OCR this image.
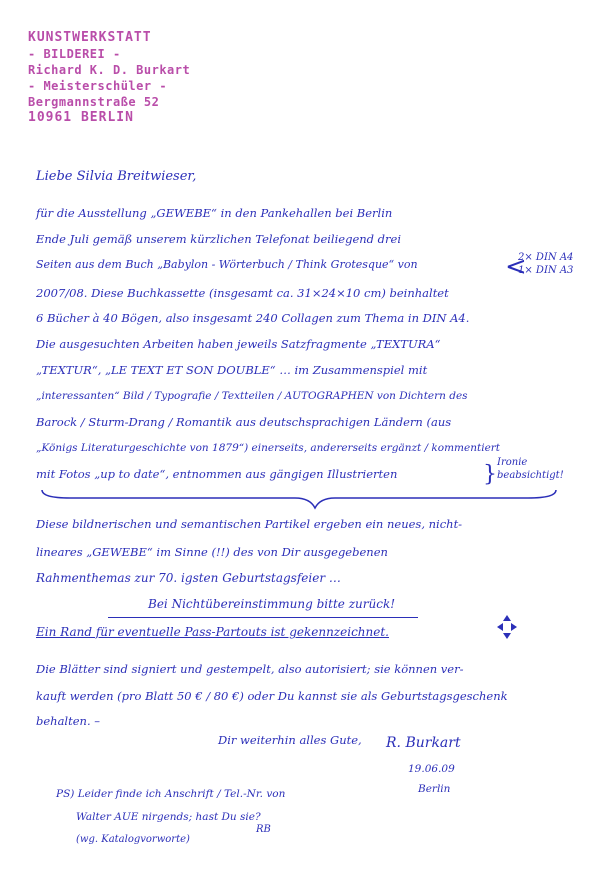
KUNSTWERKSTATT
- BILDEREI -
Richard K. D. Burkart
- Meisterschüler -
Bergmannstraße 52
10961 BERLIN
Liebe Silvia Breitwieser,
für die Ausstellung „GEWEBE“ in den Pankehallen bei Berlin
Ende Juli gemäß unserem kürzlichen Telefonat beiliegend drei
Seiten aus dem Buch „Babylon - Wörterbuch / Think Grotesque“ von	<
2× DIN A4
1× DIN A3
2007/08. Diese Buchkassette (insgesamt ca. 31×24×10 cm) beinhaltet
6 Bücher à 40 Bögen, also insgesamt 240 Collagen zum Thema in DIN A4.
Die ausgesuchten Arbeiten haben jeweils Satzfragmente „TEXTURA“
„TEXTUR“, „LE TEXT ET SON DOUBLE“ … im Zusammenspiel mit
„interessanten“ Bild / Typografie / Textteilen / AUTOGRAPHEN von Dichtern des
Barock / Sturm-Drang / Romantik aus deutschsprachigen Ländern (aus
„Königs Literaturgeschichte von 1879“) einerseits, andererseits ergänzt / kommentiert
mit Fotos „up to date“, entnommen aus gängigen Illustrierten	} Ironie
beabsichtigt!
Diese bildnerischen und semantischen Partikel ergeben ein neues, nicht-
lineares „GEWEBE“ im Sinne (!!) des von Dir ausgegebenen
Rahmenthemas zur 70. igsten Geburtstagsfeier …
Bei Nichtübereinstimmung bitte zurück!
Ein Rand für eventuelle Pass-Partouts ist gekennzeichnet.
Die Blätter sind signiert und gestempelt, also autorisiert; sie können ver-
kauft werden (pro Blatt 50 € / 80 €) oder Du kannst sie als Geburtstagsgeschenk
behalten. –
Dir weiterhin alles Gute, R. Burkart
19.06.09
Berlin
PS) Leider finde ich Anschrift / Tel.-Nr. von
Walter AUE nirgends; hast Du sie?
RB
(wg. Katalogvorworte)
